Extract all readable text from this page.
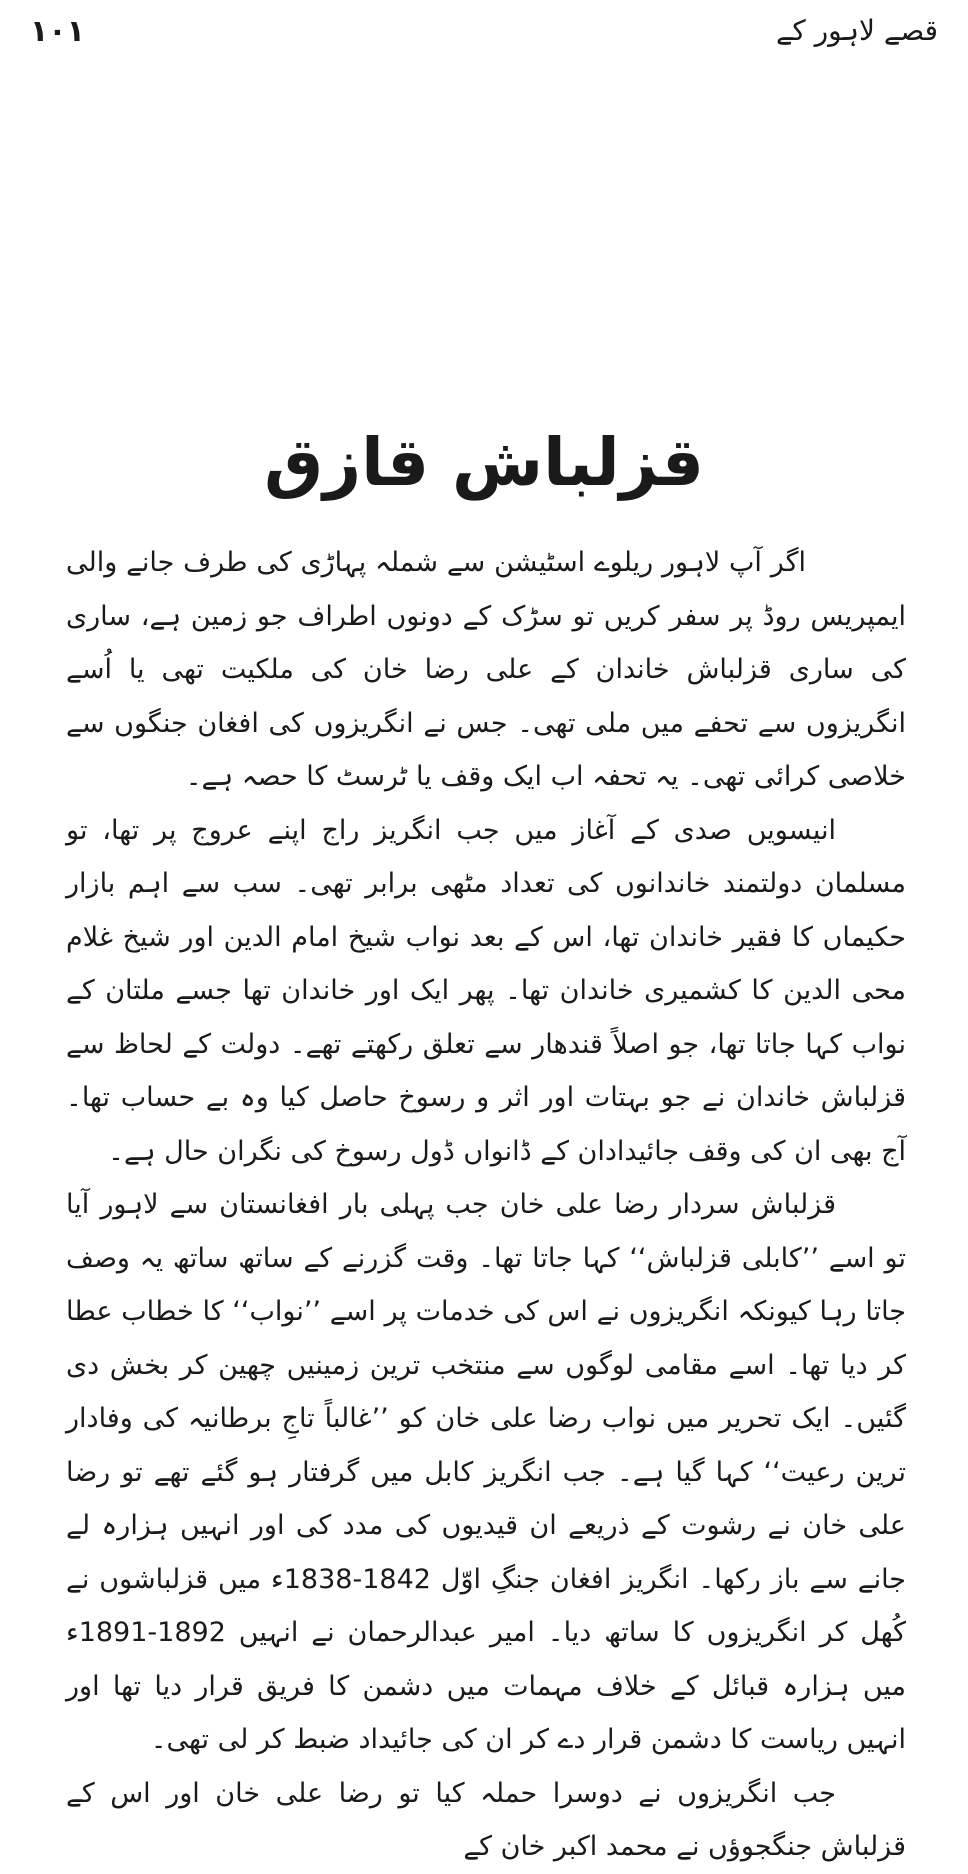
١٠١	قصے لاہور کے
قزلباش قازق

اگر آپ لاہور ریلوے اسٹیشن سے شملہ پہاڑی کی طرف جانے والی ایمپریس روڈ پر سفر کریں تو سڑک کے دونوں اطراف جو زمین ہے، ساری کی ساری قزلباش خاندان کے علی رضا خان کی ملکیت تھی یا اُسے انگریزوں سے تحفے میں ملی تھی۔ جس نے انگریزوں کی افغان جنگوں سے خلاصی کرائی تھی۔ یہ تحفہ اب ایک وقف یا ٹرسٹ کا حصہ ہے۔

انیسویں صدی کے آغاز میں جب انگریز راج اپنے عروج پر تھا، تو مسلمان دولتمند خاندانوں کی تعداد مٹھی برابر تھی۔ سب سے اہم بازار حکیماں کا فقیر خاندان تھا، اس کے بعد نواب شیخ امام الدین اور شیخ غلام محی الدین کا کشمیری خاندان تھا۔ پھر ایک اور خاندان تھا جسے ملتان کے نواب کہا جاتا تھا، جو اصلاً قندھار سے تعلق رکھتے تھے۔ دولت کے لحاظ سے قزلباش خاندان نے جو بہتات اور اثر و رسوخ حاصل کیا وہ بے حساب تھا۔ آج بھی ان کی وقف جائیدادان کے ڈانواں ڈول رسوخ کی نگران حال ہے۔

قزلباش سردار رضا علی خان جب پہلی بار افغانستان سے لاہور آیا تو اسے ’’کابلی قزلباش‘‘ کہا جاتا تھا۔ وقت گزرنے کے ساتھ ساتھ یہ وصف جاتا رہا کیونکہ انگریزوں نے اس کی خدمات پر اسے ’’نواب‘‘ کا خطاب عطا کر دیا تھا۔ اسے مقامی لوگوں سے منتخب ترین زمینیں چھین کر بخش دی گئیں۔ ایک تحریر میں نواب رضا علی خان کو ’’غالباً تاجِ برطانیہ کی وفادار ترین رعیت‘‘ کہا گیا ہے۔ جب انگریز کابل میں گرفتار ہو گئے تھے تو رضا علی خان نے رشوت کے ذریعے ان قیدیوں کی مدد کی اور انہیں ہزارہ لے جانے سے باز رکھا۔ انگریز افغان جنگِ اوّل 1842-1838ء میں قزلباشوں نے کُھل کر انگریزوں کا ساتھ دیا۔ امیر عبدالرحمان نے انہیں 1892-1891ء میں ہزارہ قبائل کے خلاف مہمات میں دشمن کا فریق قرار دیا تھا اور انہیں ریاست کا دشمن قرار دے کر ان کی جائیداد ضبط کر لی تھی۔

جب انگریزوں نے دوسرا حملہ کیا تو رضا علی خان اور اس کے قزلباش جنگجوؤں نے محمد اکبر خان کے
